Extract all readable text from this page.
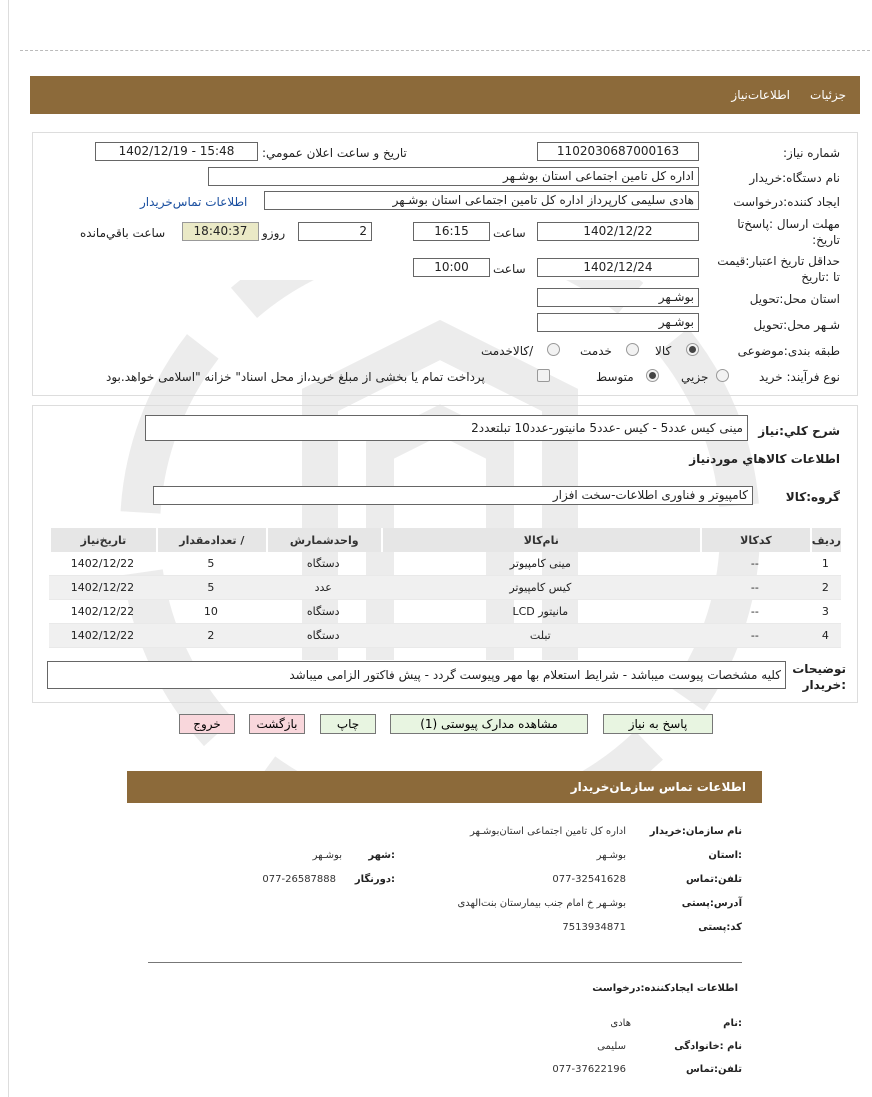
جزئیات
اطلاعات‌نیاز
شماره نیاز:
1102030687000163
تاریخ و ساعت اعلان عمومي:
1402/12/19 - 15:48
نام دستگاه:خریدار
اداره کل تامین اجتماعی استان بوشـهر
ایجاد کننده:درخواست
هادی سلیمی کارپرداز اداره کل تامین اجتماعی استان بوشـهر
اطلاعات تماس‌خریدار
مهلت ارسال :پاسخ‌تا
تاریخ:
1402/12/22
ساعت
16:15
2
روزو
18:40:37
ساعت باقي‌مانده
حداقل تاریخ اعتبار:قیمت
تا :تاریخ
1402/12/24
ساعت
10:00
استان محل:تحویل
بوشـهر
شـهر محل:تحویل
بوشـهر
طبقه بندی:موضوعی
کالا
خدمت
/کالاخدمت
نوع فرآیند: خرید
جزیي
متوسط
پرداخت تمام یا بخشی از مبلغ خرید،از محل اسناد" خزانه "اسلامی خواهد.بود
شرح کلي:نیاز
مینی کیس عدد5 - کیس -عدد5 مانیتور-عدد10 تبلتعدد2
اطلاعات کالاهاي موردنیاز
گروه:کالا
کامپیوتر و فناوری اطلاعات-سخت افزار
ردیف	کدکالا	نام‌کالا	واحدشمارش	/ تعدادمقدار	تاریخ‌نیاز
1	--	مینی کامپیوتر	دستگاه	5	1402/12/22
2	--	کیس کامپیوتر	عدد	5	1402/12/22
3	--	مانیتور LCD	دستگاه	10	1402/12/22
4	--	تبلت	دستگاه	2	1402/12/22
توضیحات
:خریدار
کلیه مشخصات پیوست میباشد - شرایط استعلام بها مهر وپیوست گردد - پیش فاکتور الزامی میباشد
پاسخ به نیاز
مشاهده مدارک پیوستی (1)
چاپ
بازگشت
خروج
اطلاعات تماس سازمان‌خریدار
نام سازمان:خریدار
اداره کل تامین اجتماعی استان‌بوشـهر
:استان
بوشـهر
:شهر
بوشـهر
تلفن:تماس
077-32541628
:دورنگار
077-26587888
آدرس:پستی
بوشـهر خ امام جنب بیمارستان بنت‌الهدی
کد:پستی
7513934871
اطلاعات ایجادکننده:درخواست
:نام
هادی
نام :خانوادگی
سلیمی
تلفن:تماس
077-37622196
